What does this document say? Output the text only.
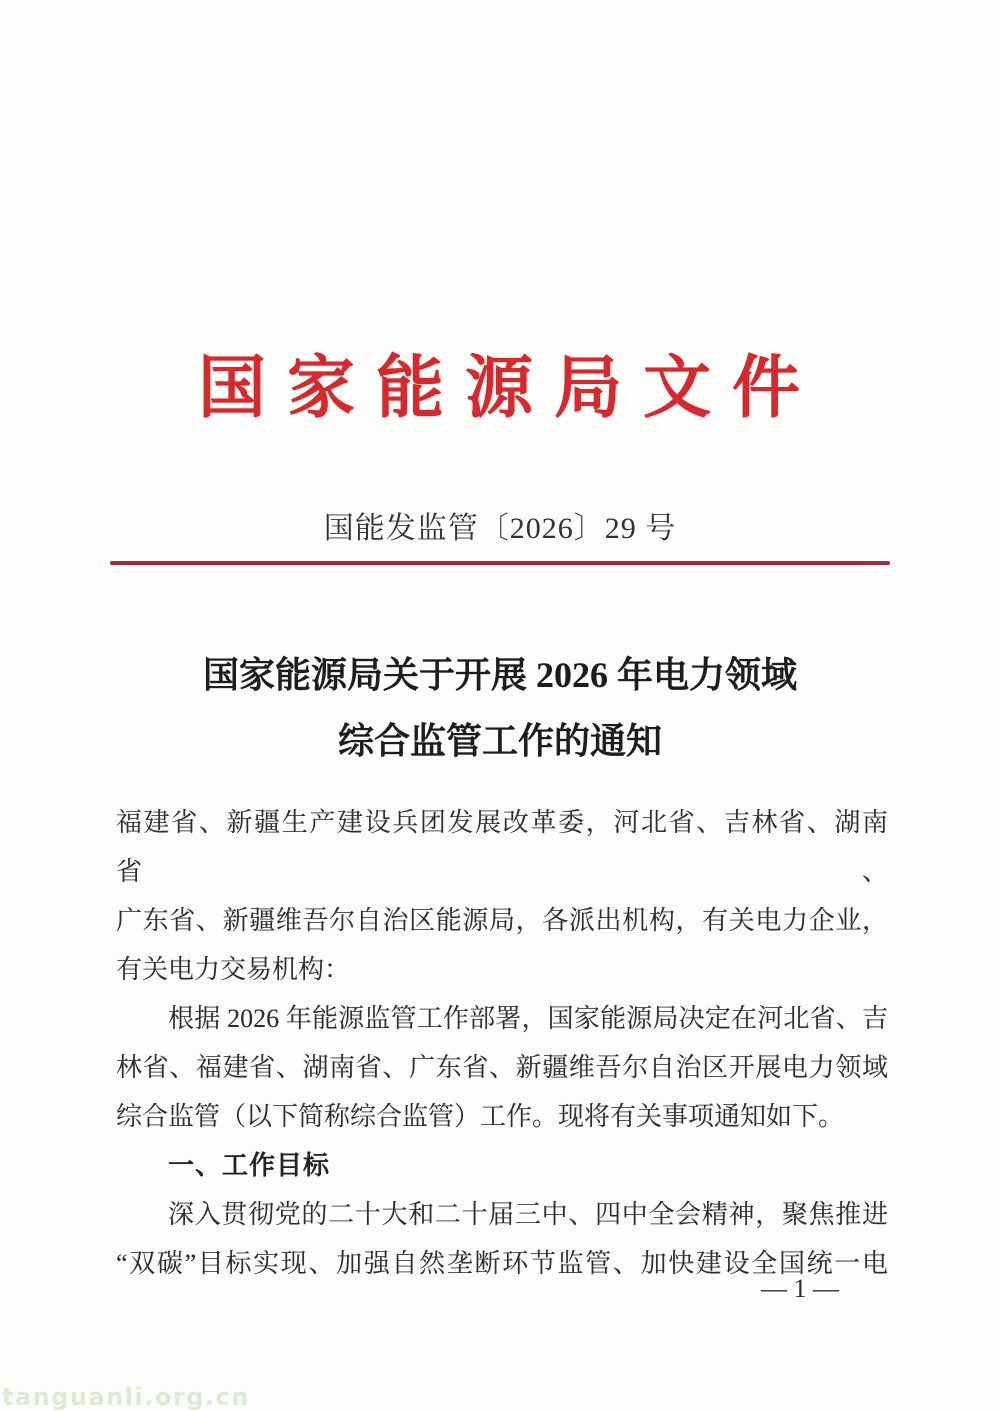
国 家 能 源 局 文 件
国能发监管〔2026〕29 号
国家能源局关于开展 2026 年电力领域
综合监管工作的通知
福建省、新疆生产建设兵团发展改革委，河北省、吉林省、湖南省、
广东省、新疆维吾尔自治区能源局，各派出机构，有关电力企业，
有关电力交易机构：
根据 2026 年能源监管工作部署，国家能源局决定在河北省、吉
林省、福建省、湖南省、广东省、新疆维吾尔自治区开展电力领域
综合监管（以下简称综合监管）工作。现将有关事项通知如下。
一、工作目标
深入贯彻党的二十大和二十届三中、四中全会精神，聚焦推进
“双碳”目标实现、加强自然垄断环节监管、加快建设全国统一电
— 1 —
tanguanli.org.cn
